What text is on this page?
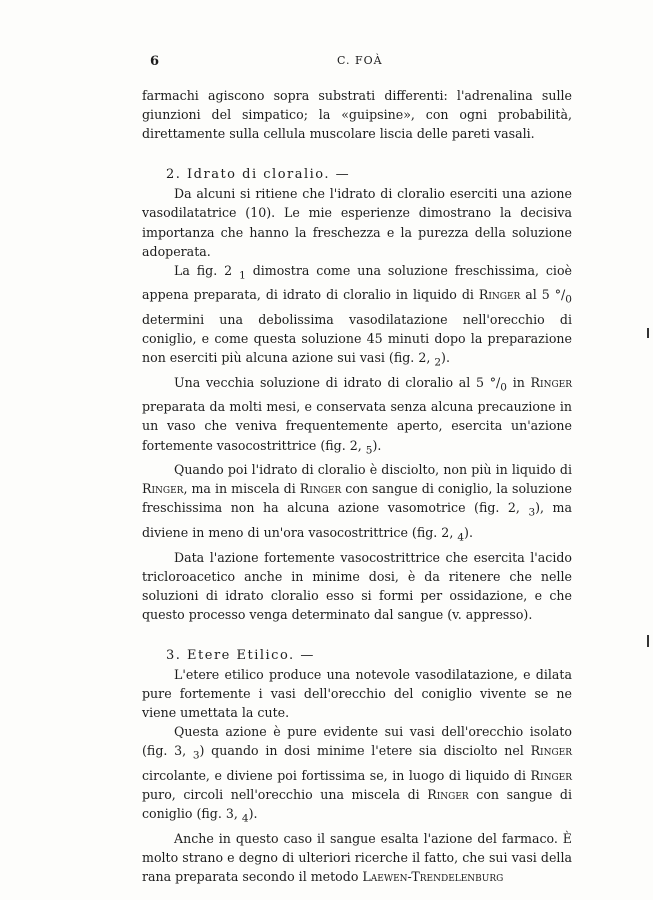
6	C. FOÀ

farmachi agiscono sopra substrati differenti: l'adrenalina sulle giunzioni del simpatico; la «guipsine», con ogni probabilità, direttamente sulla cellula muscolare liscia delle pareti vasali.

2. Idrato di cloralio. —

Da alcuni si ritiene che l'idrato di cloralio eserciti una azione vasodilatatrice (10). Le mie esperienze dimostrano la decisiva importanza che hanno la freschezza e la purezza della soluzione adoperata.

La fig. 2 $_1$ dimostra come una soluzione freschissima, cioè appena preparata, di idrato di cloralio in liquido di Ringer al 5 $^\circ/_0$ determini una debolissima vasodilatazione nell'orecchio di coniglio, e come questa soluzione 45 minuti dopo la preparazione non eserciti più alcuna azione sui vasi (fig. 2, $_2$).

Una vecchia soluzione di idrato di cloralio al 5 $^\circ/_0$ in Ringer preparata da molti mesi, e conservata senza alcuna precauzione in un vaso che veniva frequentemente aperto, esercita un'azione fortemente vasocostrittrice (fig. 2, $_5$).

Quando poi l'idrato di cloralio è disciolto, non più in liquido di Ringer, ma in miscela di Ringer con sangue di coniglio, la soluzione freschissima non ha alcuna azione vasomotrice (fig. 2, $_3$), ma diviene in meno di un'ora vasocostrittrice (fig. 2, $_4$).

Data l'azione fortemente vasocostrittrice che esercita l'acido tricloroacetico anche in minime dosi, è da ritenere che nelle soluzioni di idrato cloralio esso si formi per ossidazione, e che questo processo venga determinato dal sangue (v. appresso).

3. Etere Etilico. —

L'etere etilico produce una notevole vasodilatazione, e dilata pure fortemente i vasi dell'orecchio del coniglio vivente se ne viene umettata la cute.

Questa azione è pure evidente sui vasi dell'orecchio isolato (fig. 3, $_3$) quando in dosi minime l'etere sia disciolto nel Ringer circolante, e diviene poi fortissima se, in luogo di liquido di Ringer puro, circoli nell'orecchio una miscela di Ringer con sangue di coniglio (fig. 3, $_4$).

Anche in questo caso il sangue esalta l'azione del farmaco. È molto strano e degno di ulteriori ricerche il fatto, che sui vasi della rana preparata secondo il metodo Laewen-Trendelenburg
